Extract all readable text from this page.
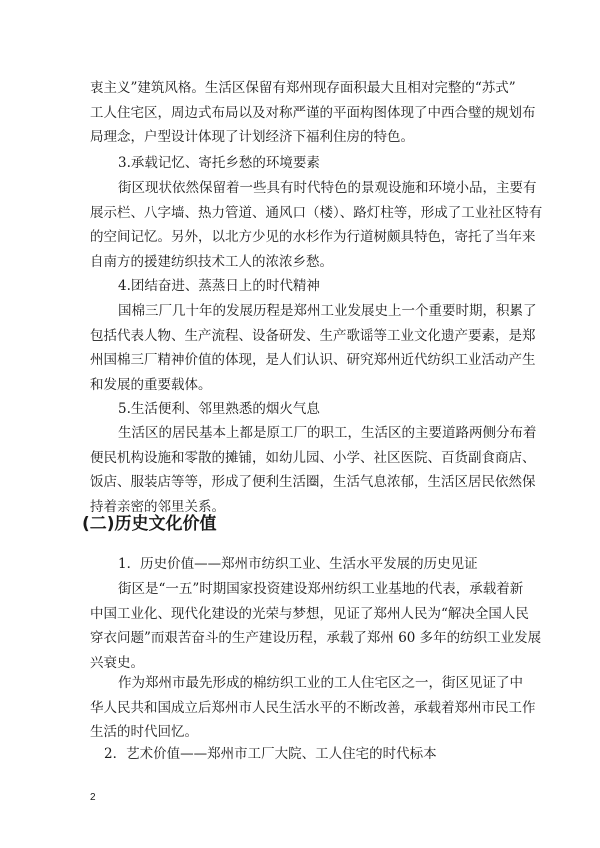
衷主义”建筑风格。生活区保留有郑州现存面积最大且相对完整的“苏式”
工人住宅区，周边式布局以及对称严谨的平面构图体现了中西合璧的规划布
局理念，户型设计体现了计划经济下福利住房的特色。
3.承载记忆、寄托乡愁的环境要素
街区现状依然保留着一些具有时代特色的景观设施和环境小品，主要有
展示栏、八字墙、热力管道、通风口（楼）、路灯柱等，形成了工业社区特有
的空间记忆。另外，以北方少见的水杉作为行道树颇具特色，寄托了当年来
自南方的援建纺织技术工人的浓浓乡愁。
4.团结奋进、蒸蒸日上的时代精神
国棉三厂几十年的发展历程是郑州工业发展史上一个重要时期，积累了
包括代表人物、生产流程、设备研发、生产歌谣等工业文化遗产要素，是郑
州国棉三厂精神价值的体现，是人们认识、研究郑州近代纺织工业活动产生
和发展的重要载体。
5.生活便利、邻里熟悉的烟火气息
生活区的居民基本上都是原工厂的职工，生活区的主要道路两侧分布着
便民机构设施和零散的摊铺，如幼儿园、小学、社区医院、百货副食商店、
饭店、服装店等等，形成了便利生活圈，生活气息浓郁，生活区居民依然保
持着亲密的邻里关系。
(二)历史文化价值
1．历史价值——郑州市纺织工业、生活水平发展的历史见证
街区是“一五”时期国家投资建设郑州纺织工业基地的代表，承载着新
中国工业化、现代化建设的光荣与梦想，见证了郑州人民为“解决全国人民
穿衣问题”而艰苦奋斗的生产建设历程，承载了郑州 60 多年的纺织工业发展
兴衰史。
作为郑州市最先形成的棉纺织工业的工人住宅区之一，街区见证了中
华人民共和国成立后郑州市人民生活水平的不断改善，承载着郑州市民工作
生活的时代回忆。
2．艺术价值——郑州市工厂大院、工人住宅的时代标本
2
